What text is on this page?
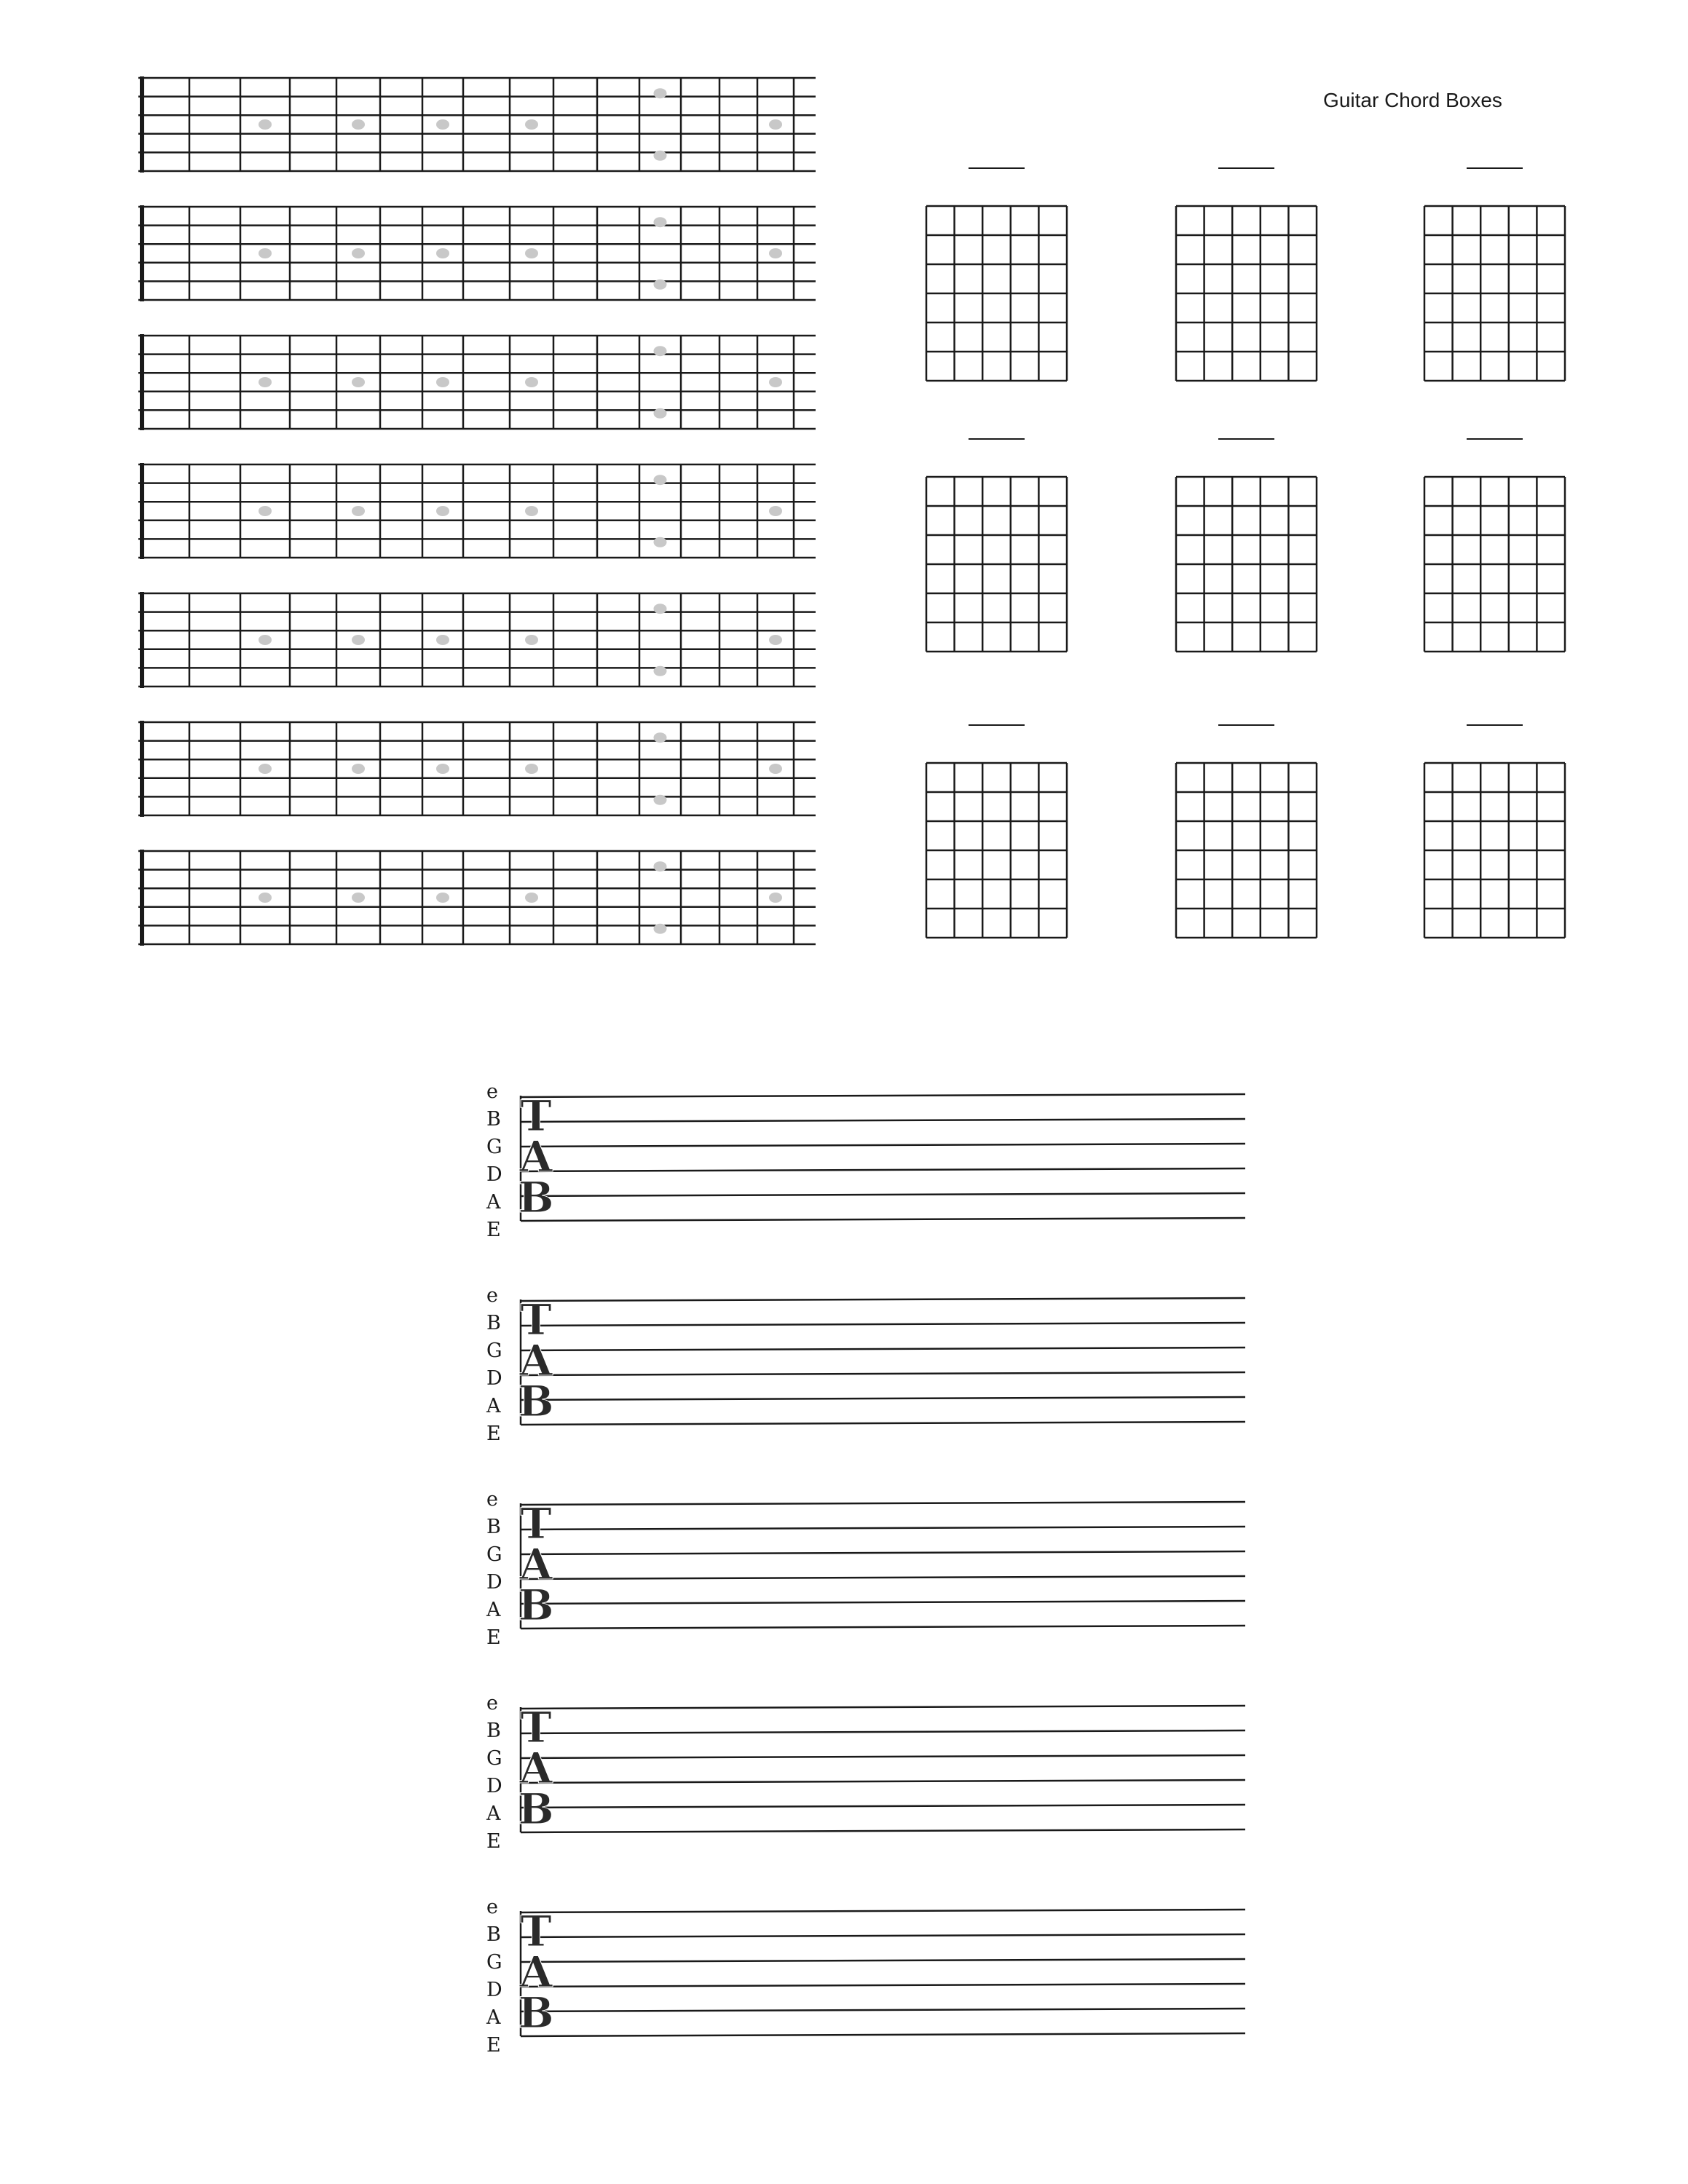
Guitar Chord Boxes
e
B
G
D
A
E
T
A
B
e
B
G
D
A
E
T
A
B
e
B
G
D
A
E
T
A
B
e
B
G
D
A
E
T
A
B
e
B
G
D
A
E
T
A
B
